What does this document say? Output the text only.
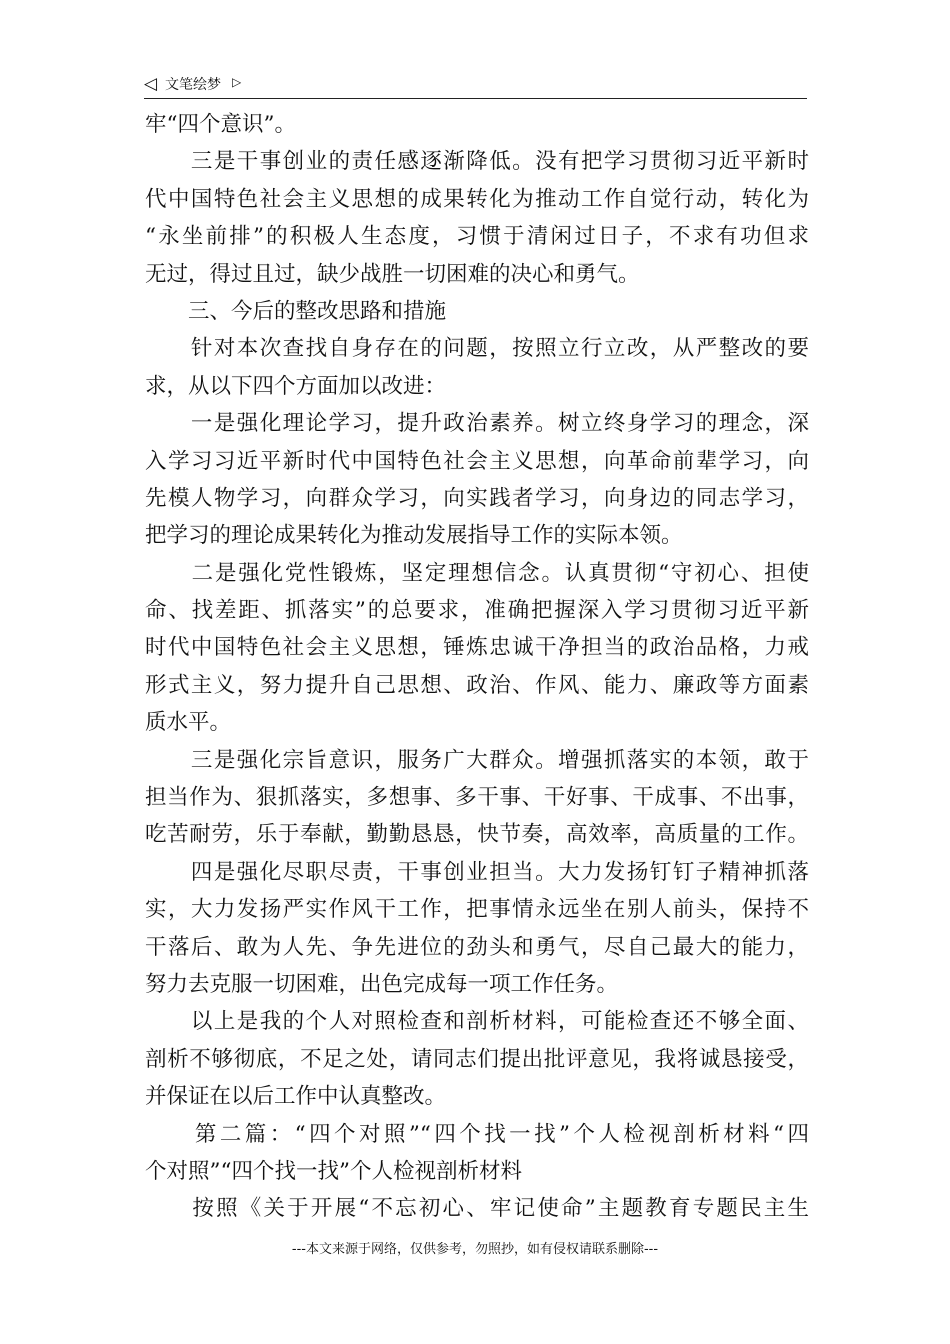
◁ 文笔绘梦 ▷
牢“四个意识”。
　　三是干事创业的责任感逐渐降低。没有把学习贯彻习近平新时
代中国特色社会主义思想的成果转化为推动工作自觉行动，转化为
“永坐前排”的积极人生态度，习惯于清闲过日子，不求有功但求
无过，得过且过，缺少战胜一切困难的决心和勇气。
　　三、今后的整改思路和措施
　　针对本次查找自身存在的问题，按照立行立改，从严整改的要
求，从以下四个方面加以改进：
　　一是强化理论学习，提升政治素养。树立终身学习的理念，深
入学习习近平新时代中国特色社会主义思想，向革命前辈学习，向
先模人物学习，向群众学习，向实践者学习，向身边的同志学习，
把学习的理论成果转化为推动发展指导工作的实际本领。
　　二是强化党性锻炼，坚定理想信念。认真贯彻“守初心、担使
命、找差距、抓落实”的总要求，准确把握深入学习贯彻习近平新
时代中国特色社会主义思想，锤炼忠诚干净担当的政治品格，力戒
形式主义，努力提升自己思想、政治、作风、能力、廉政等方面素
质水平。
　　三是强化宗旨意识，服务广大群众。增强抓落实的本领，敢于
担当作为、狠抓落实，多想事、多干事、干好事、干成事、不出事，
吃苦耐劳，乐于奉献，勤勤恳恳，快节奏，高效率，高质量的工作。
　　四是强化尽职尽责，干事创业担当。大力发扬钉钉子精神抓落
实，大力发扬严实作风干工作，把事情永远坐在别人前头，保持不
干落后、敢为人先、争先进位的劲头和勇气，尽自己最大的能力，
努力去克服一切困难，出色完成每一项工作任务。
　　以上是我的个人对照检查和剖析材料，可能检查还不够全面、
剖析不够彻底，不足之处，请同志们提出批评意见，我将诚恳接受，
并保证在以后工作中认真整改。
　　第二篇：“四个对照”“四个找一找”个人检视剖析材料“四
个对照”“四个找一找”个人检视剖析材料
　　按照《关于开展“不忘初心、牢记使命”主题教育专题民主生
---本文来源于网络，仅供参考，勿照抄，如有侵权请联系删除---
